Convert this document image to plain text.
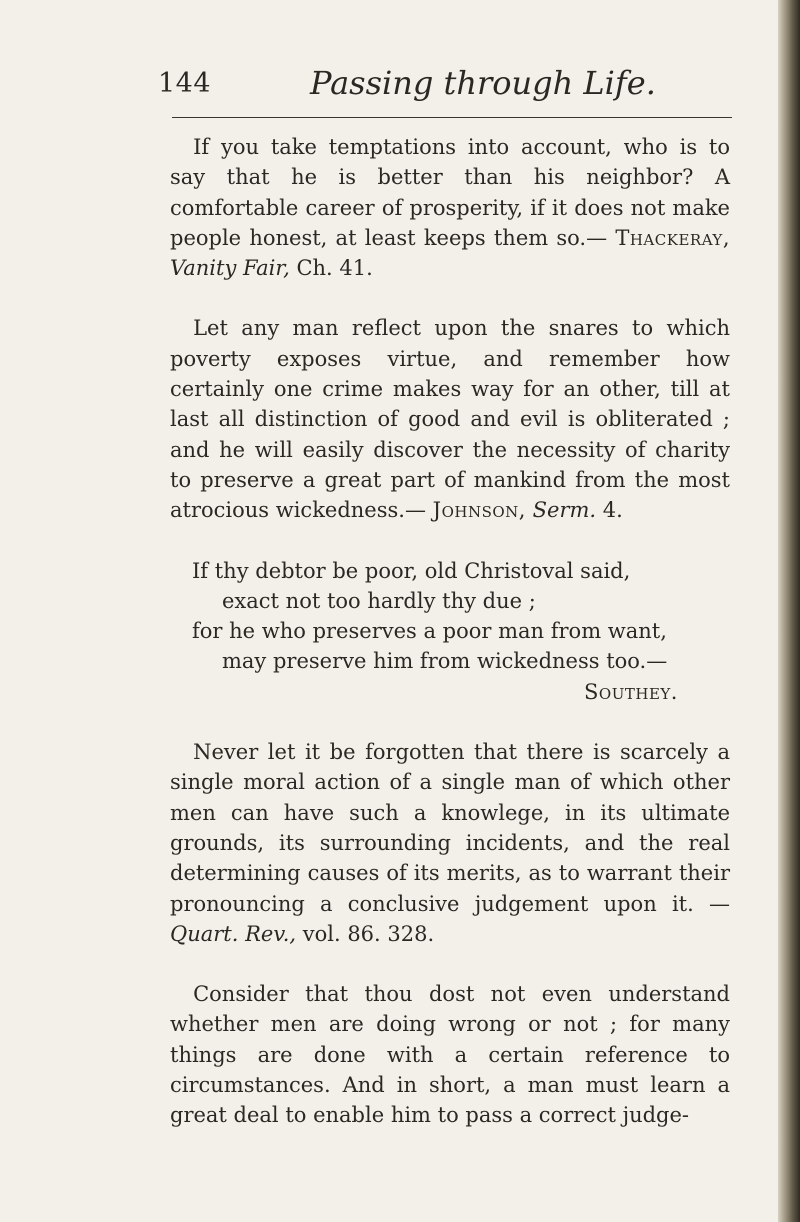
144	Passing through Life.

If you take temptations into account, who is to say that he is better than his neighbor? A comfortable career of prosperity, if it does not make people honest, at least keeps them so.— Thackeray, Vanity Fair, Ch. 41.

Let any man reflect upon the snares to which poverty exposes virtue, and remember how certainly one crime makes way for an other, till at last all distinction of good and evil is obliterated ; and he will easily discover the necessity of charity to preserve a great part of mankind from the most atrocious wickedness.— Johnson, Serm. 4.

If thy debtor be poor, old Christoval said,
exact not too hardly thy due ;
for he who preserves a poor man from want,
may preserve him from wickedness too.—
Southey.

Never let it be forgotten that there is scarcely a single moral action of a single man of which other men can have such a knowlege, in its ultimate grounds, its surrounding incidents, and the real determining causes of its merits, as to warrant their pronouncing a conclusive judgement upon it. — Quart. Rev., vol. 86. 328.

Consider that thou dost not even understand whether men are doing wrong or not ; for many things are done with a certain reference to circumstances. And in short, a man must learn a great deal to enable him to pass a correct judge-
